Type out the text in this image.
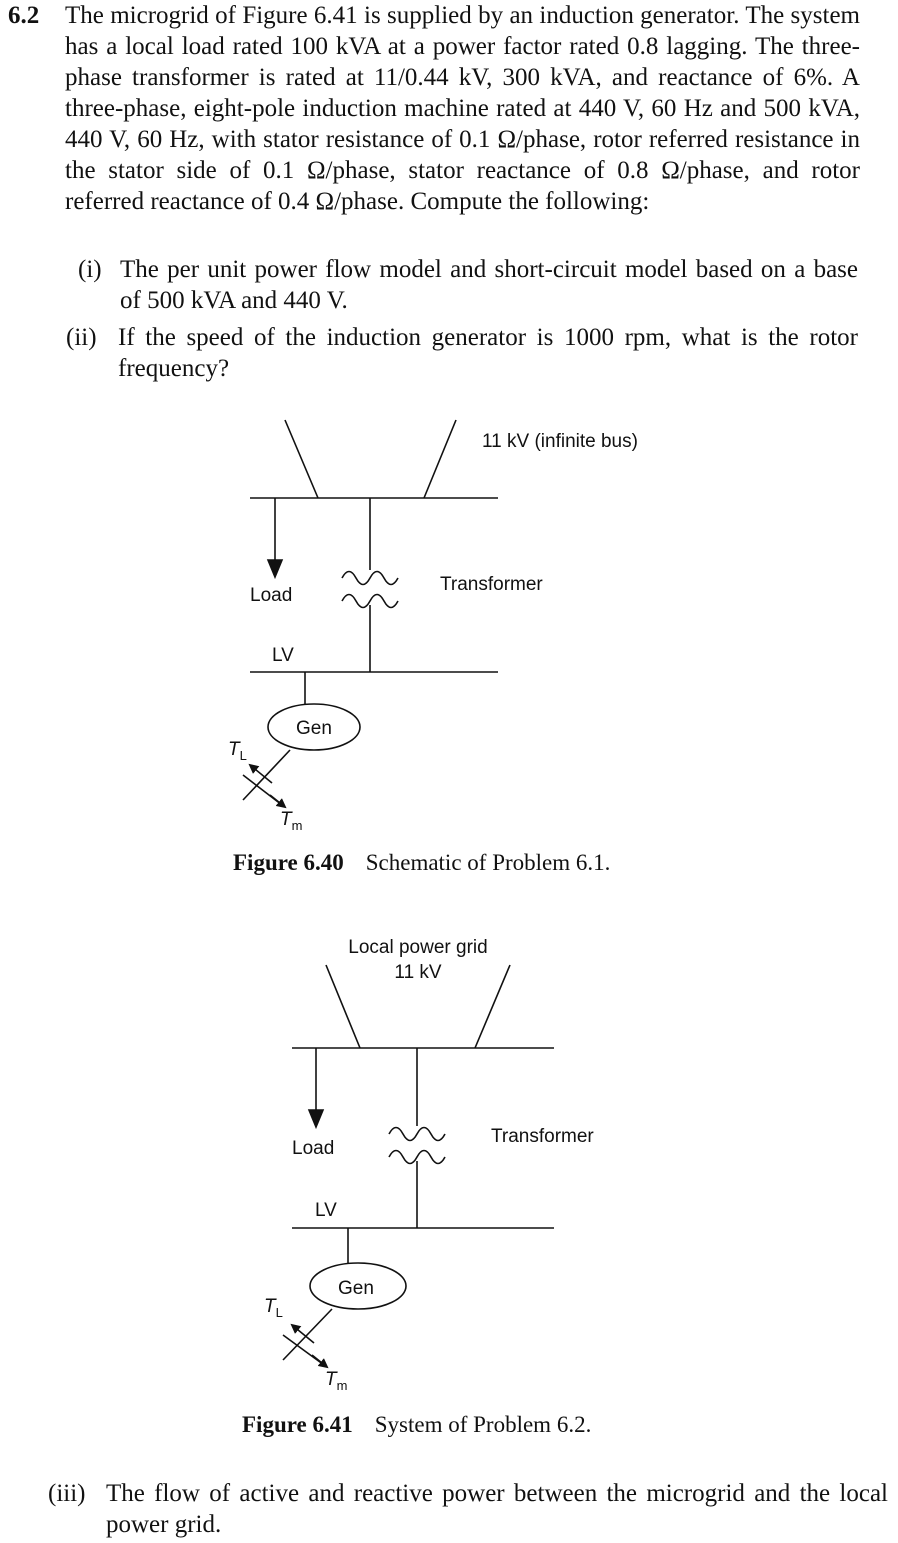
6.2 The microgrid of Figure 6.41 is supplied by an induction generator. The system has a local load rated 100 kVA at a power factor rated 0.8 lagging. The three-phase transformer is rated at 11/0.44 kV, 300 kVA, and reactance of 6%. A three-phase, eight-pole induction machine rated at 440 V, 60 Hz and 500 kVA, 440 V, 60 Hz, with stator resistance of 0.1 Ω/phase, rotor referred resistance in the stator side of 0.1 Ω/phase, stator reactance of 0.8 Ω/phase, and rotor referred reactance of 0.4 Ω/phase. Compute the following:
(i) The per unit power flow model and short-circuit model based on a base of 500 kVA and 440 V.
(ii) If the speed of the induction generator is 1000 rpm, what is the rotor frequency?
(iii) The flow of active and reactive power between the microgrid and the local power grid.
11 kV (infinite bus)
Load
Transformer
LV
Gen
$T_L$
$T_m$
Local power grid
11 kV
Load
Transformer
LV
Gen
$T_L$
$T_m$
Figure 6.40 Schematic of Problem 6.1.
Figure 6.41 System of Problem 6.2.
